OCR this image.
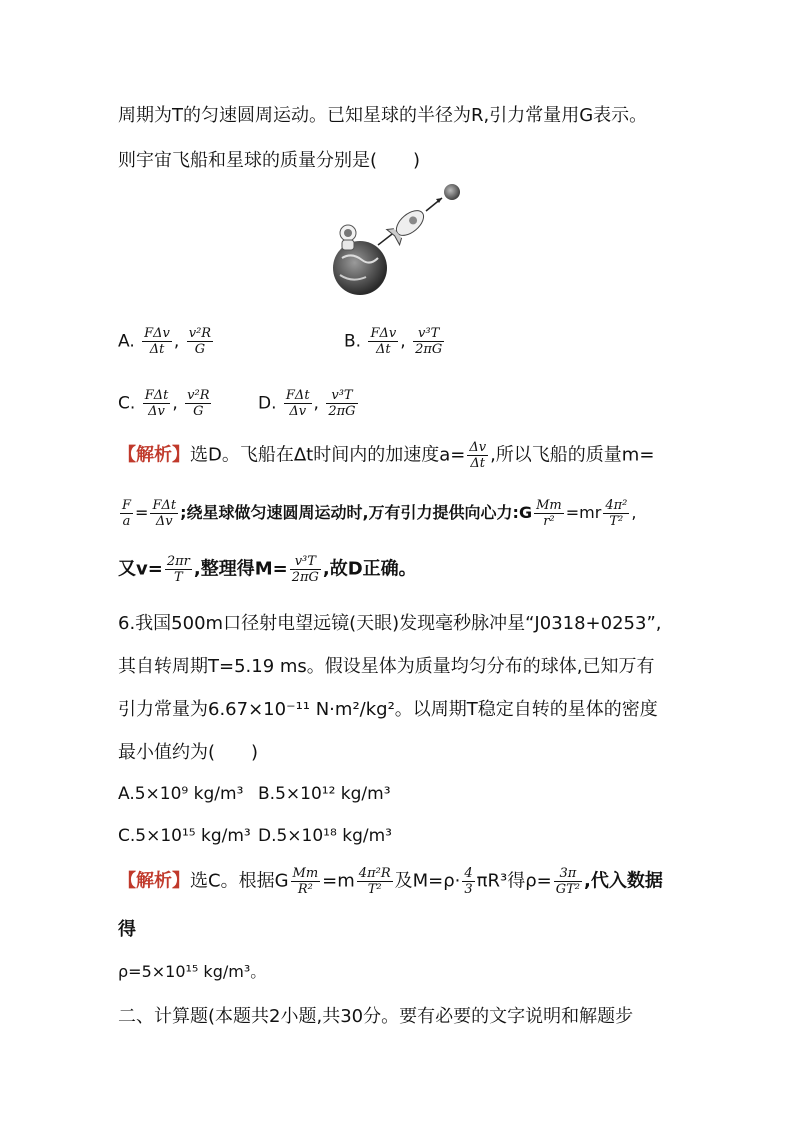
周期为T的匀速圆周运动。已知星球的半径为R,引力常量用G表示。
则宇宙飞船和星球的质量分别是(　　)
A. $\frac{\text{FΔv}}{\Delta t}$ , $\frac{\text{v²R}}{G}$	B. $\frac{\text{FΔv}}{\Delta t}$ , $\frac{\text{v³T}}{2\pi G}$
C. $\frac{\text{FΔt}}{\Delta v}$ , $\frac{\text{v²R}}{G}$	D. $\frac{\text{FΔt}}{\Delta v}$ , $\frac{\text{v³T}}{2\pi G}$
【解析】选D。飞船在Δt时间内的加速度$a= \frac{\Delta v}{\Delta t}$ ,所以飞船的质量m=
$\frac{F}{a} = \frac{\text{FΔt}}{\Delta v}$ ;绕星球做匀速圆周运动时,万有引力提供向心力:G $\frac{Mm}{\text{r²}} =mr \frac{\text{4π²}}{\text{T²}}$ ,
又$v= \frac{2\pi r}{T}$ ,整理得$M= \frac{\text{v³T}}{2\pi G}$ ,故D正确。
6.我国500m口径射电望远镜(天眼)发现毫秒脉冲星“J0318+0253”,
其自转周期T=5.19 ms。假设星体为质量均匀分布的球体,已知万有
引力常量为6.67×10⁻¹¹ N·m²/kg²。以周期T稳定自转的星体的密度
最小值约为(　　)
A.5×10⁹ kg/m³ B.5×10¹² kg/m³
C.5×10¹⁵ kg/m³ D.5×10¹⁸ kg/m³
【解析】选C。根据G $\frac{Mm}{\text{R²}} =m \frac{\text{4π²R}}{\text{T²}}$ 及$M=\rho\cdot \frac{4}{3} \pi R^3$得$\rho= \frac{3\pi}{\text{GT²}}$ ,代入数据
得
ρ=5×10¹⁵ kg/m³。
二、计算题(本题共2小题,共30分。要有必要的文字说明和解题步
